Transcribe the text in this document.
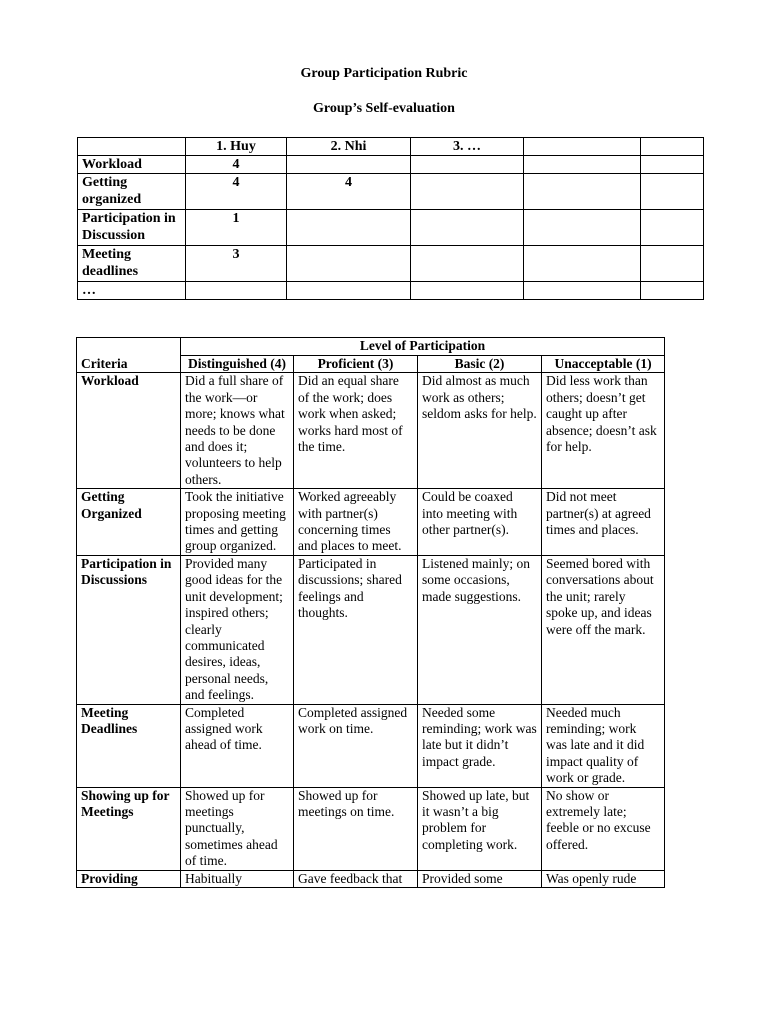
Group Participation Rubric
Group’s Self-evaluation
	1. Huy	2. Nhi	3. …		
Workload	4				
Getting organized	4	4			
Participation in Discussion	1				
Meeting deadlines	3				
…					
Criteria	Level of Participation			
	Distinguished (4)	Proficient (3)	Basic (2)	Unacceptable (1)
Workload	Did a full share of the work—or more; knows what needs to be done and does it; volunteers to help others.	Did an equal share of the work; does work when asked; works hard most of the time.	Did almost as much work as others; seldom asks for help.	Did less work than others; doesn’t get caught up after absence; doesn’t ask for help.
Getting Organized	Took the initiative proposing meeting times and getting group organized.	Worked agreeably with partner(s) concerning times and places to meet.	Could be coaxed into meeting with other partner(s).	Did not meet partner(s) at agreed times and places.
Participation in Discussions	Provided many good ideas for the unit development; inspired others; clearly communicated desires, ideas, personal needs, and feelings.	Participated in discussions; shared feelings and thoughts.	Listened mainly; on some occasions, made suggestions.	Seemed bored with conversations about the unit; rarely spoke up, and ideas were off the mark.
Meeting Deadlines	Completed assigned work ahead of time.	Completed assigned work on time.	Needed some reminding; work was late but it didn’t impact grade.	Needed much reminding; work was late and it did impact quality of work or grade.
Showing up for Meetings	Showed up for meetings punctually, sometimes ahead of time.	Showed up for meetings on time.	Showed up late, but it wasn’t a big problem for completing work.	No show or extremely late; feeble or no excuse offered.
Providing	Habitually	Gave feedback that	Provided some	Was openly rude
